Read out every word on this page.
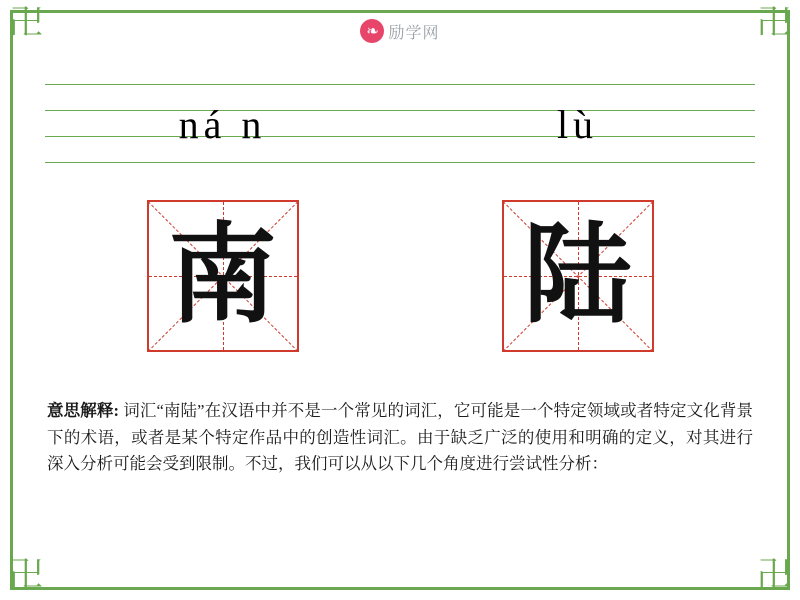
卍	卍
卍	卍
❧ 励学网
ná n	lù
南 陆
意思解释: 词汇“南陆”在汉语中并不是一个常见的词汇，它可能是一个特定领域或者特定文化背景下的术语，或者是某个特定作品中的创造性词汇。由于缺乏广泛的使用和明确的定义，对其进行深入分析可能会受到限制。不过，我们可以从以下几个角度进行尝试性分析：
